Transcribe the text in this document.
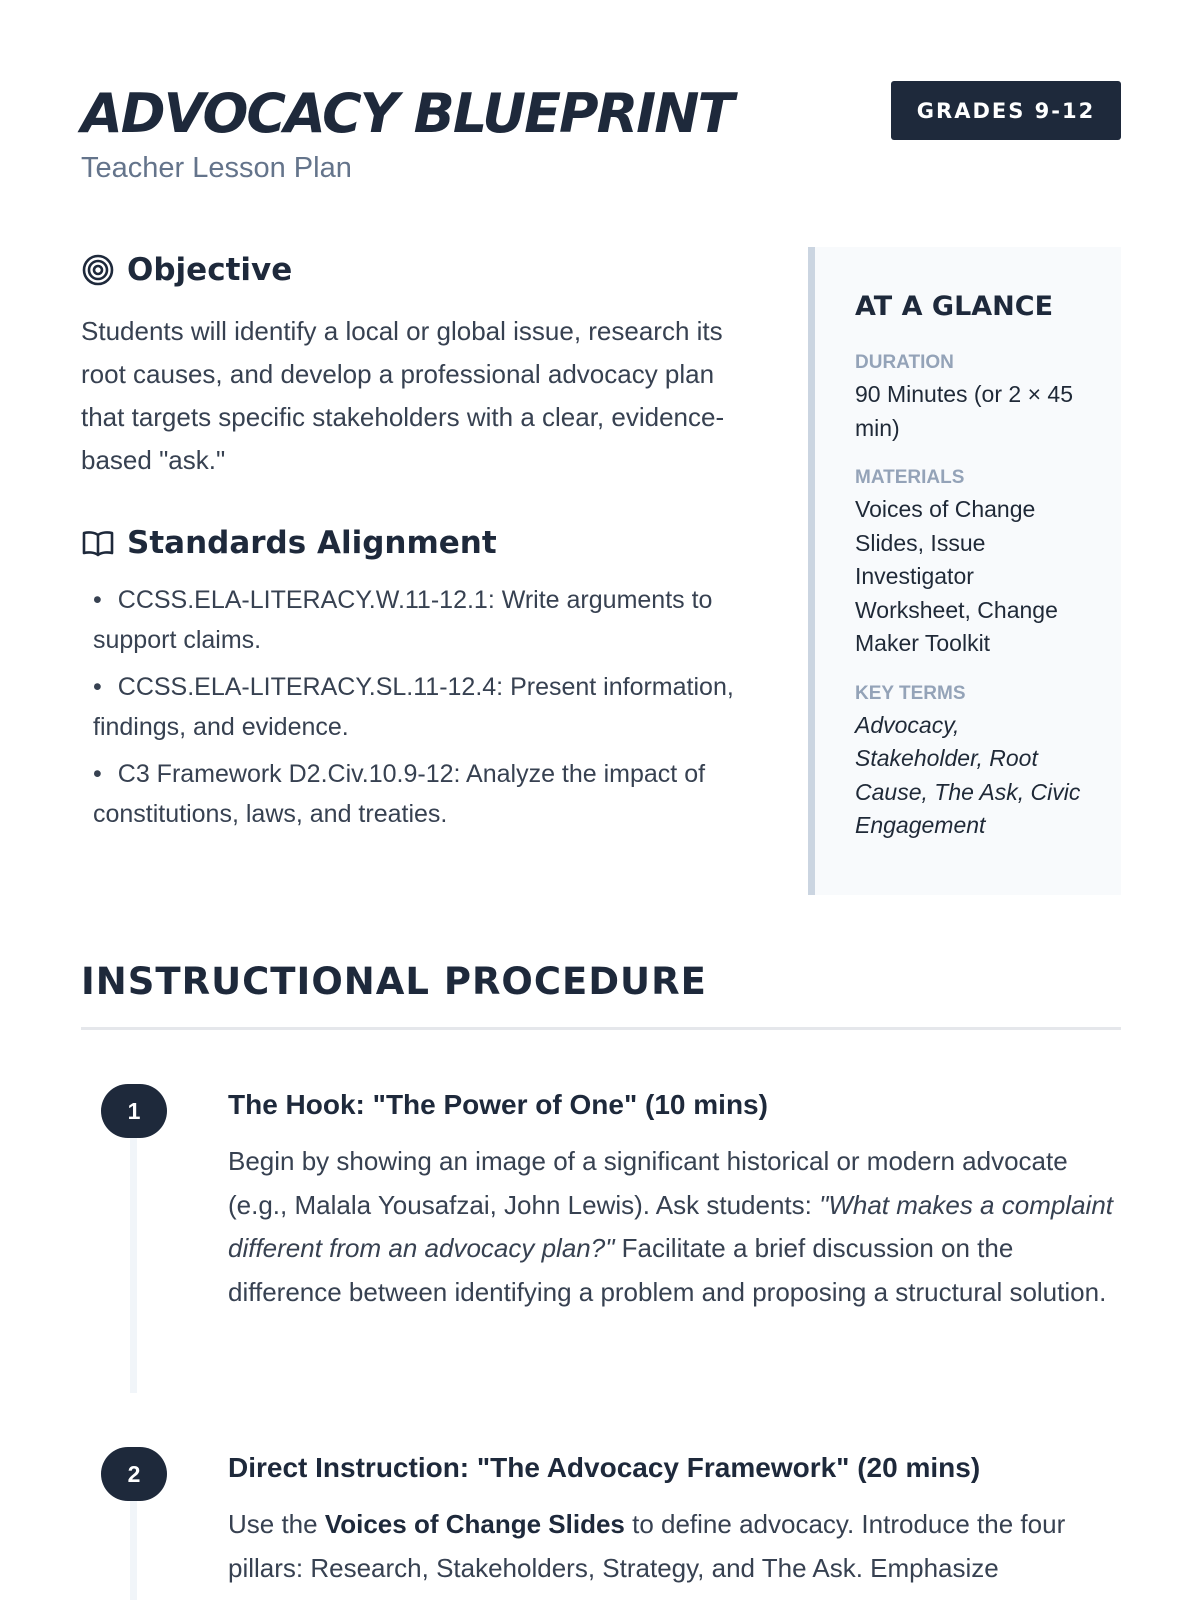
ADVOCACY BLUEPRINT
Teacher Lesson Plan
GRADES 9-12
Objective

Students will identify a local or global issue, research its root causes, and develop a professional advocacy plan that targets specific stakeholders with a clear, evidence-based "ask."

Standards Alignment
• CCSS.ELA-LITERACY.W.11-12.1: Write arguments to support claims.
• CCSS.ELA-LITERACY.SL.11-12.4: Present information, findings, and evidence.
• C3 Framework D2.Civ.10.9-12: Analyze the impact of constitutions, laws, and treaties.
AT A GLANCE
DURATION
90 Minutes (or 2 × 45 min)
MATERIALS
Voices of Change Slides, Issue Investigator Worksheet, Change Maker Toolkit
KEY TERMS
Advocacy, Stakeholder, Root Cause, The Ask, Civic Engagement
INSTRUCTIONAL PROCEDURE
1	The Hook: "The Power of One" (10 mins)

Begin by showing an image of a significant historical or modern advocate (e.g., Malala Yousafzai, John Lewis). Ask students: "What makes a complaint different from an advocacy plan?" Facilitate a brief discussion on the difference between identifying a problem and proposing a structural solution.

2	Direct Instruction: "The Advocacy Framework" (20 mins)

Use the Voices of Change Slides to define advocacy. Introduce the four pillars: Research, Stakeholders, Strategy, and The Ask. Emphasize
